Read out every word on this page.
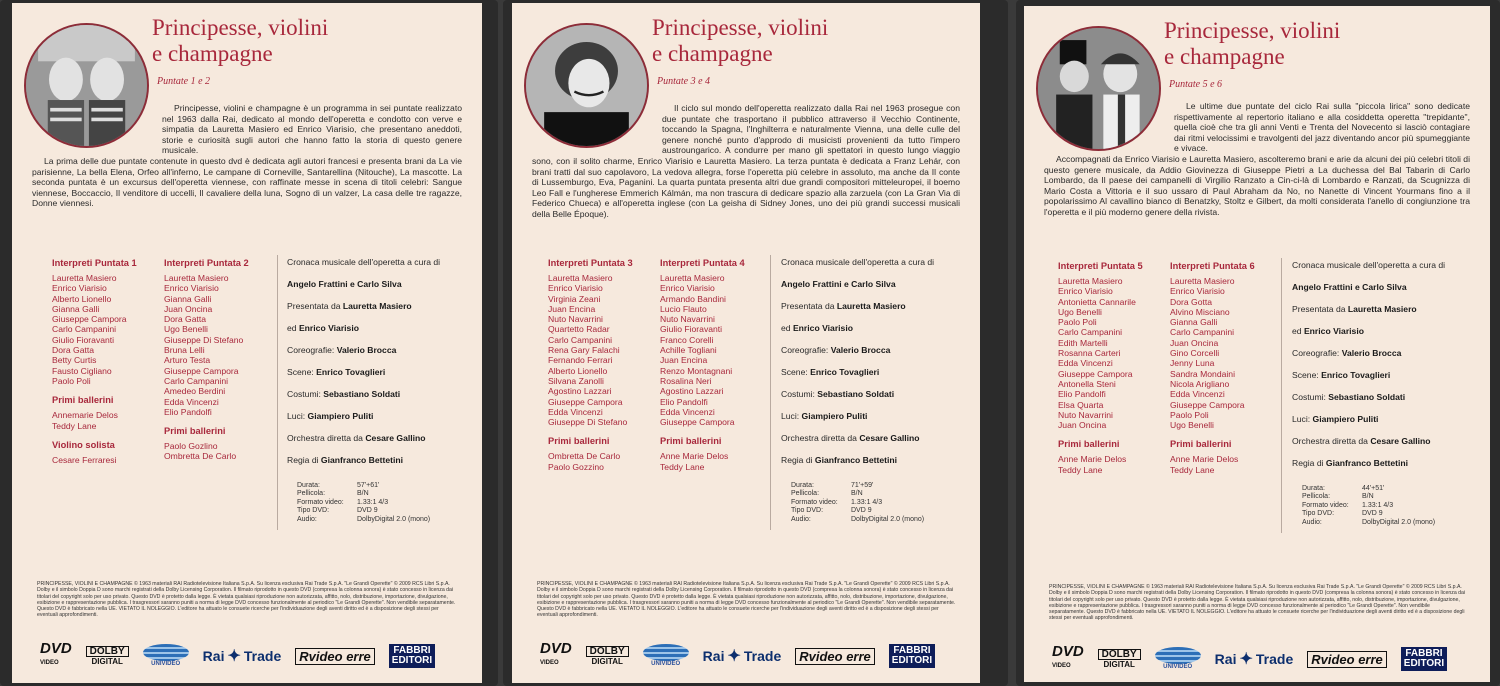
Principesse, violini
e champagne
Puntate 1 e 2

Principesse, violini e champagne è un programma in sei puntate realizzato nel 1963 dalla Rai, dedicato al mondo dell'operetta e condotto con verve e simpatia da Lauretta Masiero ed Enrico Viarisio, che presentano aneddoti, storie e curiosità sugli autori che hanno fatto la storia di questo genere musicale.

La prima delle due puntate contenute in questo dvd è dedicata agli autori francesi e presenta brani da La vie parisienne, La bella Elena, Orfeo all'inferno, Le campane di Corneville, Santarellina (Nitouche), La mascotte. La seconda puntata è un excursus dell'operetta viennese, con raffinate messe in scena di titoli celebri: Sangue viennese, Boccaccio, Il venditore di uccelli, Il cavaliere della luna, Sogno di un valzer, La casa delle tre ragazze, Donne viennesi.

Interpreti Puntata 1
Lauretta Masiero
Enrico Viarisio
Alberto Lionello
Gianna Galli
Giuseppe Campora
Carlo Campanini
Giulio Fioravanti
Dora Gatta
Betty Curtis
Fausto Cigliano
Paolo Poli
Primi ballerini
Annemarie Delos
Teddy Lane
Violino solista
Cesare Ferraresi
Interpreti Puntata 2
Lauretta Masiero
Enrico Viarisio
Gianna Galli
Juan Oncina
Dora Gatta
Ugo Benelli
Giuseppe Di Stefano
Bruna Lelli
Arturo Testa
Giuseppe Campora
Carlo Campanini
Amedeo Berdini
Edda Vincenzi
Elio Pandolfi
Primi ballerini
Paolo Gozlino
Ombretta De Carlo
Cronaca musicale dell'operetta a cura di
Angelo Frattini e Carlo Silva
Presentata da Lauretta Masiero
ed Enrico Viarisio
Coreografie: Valerio Brocca
Scene: Enrico Tovaglieri
Costumi: Sebastiano Soldati
Luci: Giampiero Puliti
Orchestra diretta da Cesare Gallino
Regia di Gianfranco Bettetini
Durata:	57'+61'
Pellicola:	B/N
Formato video:	1.33:1 4/3
Tipo DVD:	DVD 9
Audio:	DolbyDigital 2.0 (mono)
PRINCIPESSE, VIOLINI E CHAMPAGNE © 1963 materiali RAI Radiotelevisione Italiana S.p.A. Su licenza esclusiva Rai Trade S.p.A. "Le Grandi Operette" © 2009 RCS Libri S.p.A. Dolby e il simbolo Doppia D sono marchi registrati della Dolby Licensing Corporation. Il filmato riprodotto in questo DVD (compresa la colonna sonora) è stato concesso in licenza dai titolari del copyright solo per uso privato. Questo DVD è protetto dalla legge. È vietata qualsiasi riproduzione non autorizzata, affitto, nolo, distribuzione, importazione, divulgazione, esibizione e rappresentazione pubblica. I trasgressori saranno puniti a norma di legge DVD concesso funzionalmente al periodico "Le Grandi Operette". Non vendibile separatamente. Questo DVD è fabbricato nella UE. VIETATO IL NOLEGGIO. L'editore ha attuato le consuete ricerche per l'individuazione degli aventi diritto ed è a disposizione degli stessi per eventuali approfondimenti.
DVD
VIDEO
DOLBY
DIGITAL	UNIVIDEO	Rai ✦ Trade	Rvideo erre	FABBRI
EDITORI
Principesse, violini
e champagne
Puntate 3 e 4

Il ciclo sul mondo dell'operetta realizzato dalla Rai nel 1963 prosegue con due puntate che trasportano il pubblico attraverso il Vecchio Continente, toccando la Spagna, l'Inghilterra e naturalmente Vienna, una delle culle del genere nonché punto d'approdo di musicisti provenienti da tutto l'impero austroungarico. A condurre per mano gli spettatori in questo lungo viaggio sono, con il solito charme, Enrico Viarisio e Lauretta Masiero. La terza puntata è dedicata a Franz Lehár, con brani tratti dal suo capolavoro, La vedova allegra, forse l'operetta più celebre in assoluto, ma anche da Il conte di Lussemburgo, Eva, Paganini. La quarta puntata presenta altri due grandi compositori mitteleuropei, il boemo Leo Fall e l'ungherese Emmerich Kálmán, ma non trascura di dedicare spazio alla zarzuela (con La Gran Via di Federico Chueca) e all'operetta inglese (con La geisha di Sidney Jones, uno dei più grandi successi musicali della Belle Époque).

Interpreti Puntata 3
Lauretta Masiero
Enrico Viarisio
Virginia Zeani
Juan Encina
Nuto Navarrini
Quartetto Radar
Carlo Campanini
Rena Gary Falachi
Fernando Ferrari
Alberto Lionello
Silvana Zanolli
Agostino Lazzari
Giuseppe Campora
Edda Vincenzi
Giuseppe Di Stefano
Primi ballerini
Ombretta De Carlo
Paolo Gozzino
Interpreti Puntata 4
Lauretta Masiero
Enrico Viarisio
Armando Bandini
Lucio Flauto
Nuto Navarrini
Giulio Fioravanti
Franco Corelli
Achille Togliani
Juan Encina
Renzo Montagnani
Rosalina Neri
Agostino Lazzari
Elio Pandolfi
Edda Vincenzi
Giuseppe Campora
Primi ballerini
Anne Marie Delos
Teddy Lane
Cronaca musicale dell'operetta a cura di
Angelo Frattini e Carlo Silva
Presentata da Lauretta Masiero
ed Enrico Viarisio
Coreografie: Valerio Brocca
Scene: Enrico Tovaglieri
Costumi: Sebastiano Soldati
Luci: Giampiero Puliti
Orchestra diretta da Cesare Gallino
Regia di Gianfranco Bettetini
Durata:	71'+59'
Pellicola:	B/N
Formato video:	1.33:1 4/3
Tipo DVD:	DVD 9
Audio:	DolbyDigital 2.0 (mono)
PRINCIPESSE, VIOLINI E CHAMPAGNE © 1963 materiali RAI Radiotelevisione Italiana S.p.A. Su licenza esclusiva Rai Trade S.p.A. "Le Grandi Operette" © 2009 RCS Libri S.p.A. Dolby e il simbolo Doppia D sono marchi registrati della Dolby Licensing Corporation. Il filmato riprodotto in questo DVD (compresa la colonna sonora) è stato concesso in licenza dai titolari del copyright solo per uso privato. Questo DVD è protetto dalla legge. È vietata qualsiasi riproduzione non autorizzata, affitto, nolo, distribuzione, importazione, divulgazione, esibizione e rappresentazione pubblica. I trasgressori saranno puniti a norma di legge DVD concesso funzionalmente al periodico "Le Grandi Operette". Non vendibile separatamente. Questo DVD è fabbricato nella UE. VIETATO IL NOLEGGIO. L'editore ha attuato le consuete ricerche per l'individuazione degli aventi diritto ed è a disposizione degli stessi per eventuali approfondimenti.
DVD
VIDEO
DOLBY
DIGITAL	UNIVIDEO	Rai ✦ Trade	Rvideo erre	FABBRI
EDITORI
Principesse, violini
e champagne
Puntate 5 e 6

Le ultime due puntate del ciclo Rai sulla "piccola lirica" sono dedicate rispettivamente al repertorio italiano e alla cosiddetta operetta "trepidante", quella cioè che tra gli anni Venti e Trenta del Novecento si lasciò contagiare dai ritmi velocissimi e travolgenti del jazz diventando ancor più spumeggiante e vivace.

Accompagnati da Enrico Viarisio e Lauretta Masiero, ascolteremo brani e arie da alcuni dei più celebri titoli di questo genere musicale, da Addio Giovinezza di Giuseppe Pietri a La duchessa del Bal Tabarin di Carlo Lombardo, da Il paese dei campanelli di Virgilio Ranzato a Cin-ci-là di Lombardo e Ranzati, da Scugnizza di Mario Costa a Vittoria e il suo ussaro di Paul Abraham da No, no Nanette di Vincent Yourmans fino a il popolarissimo Al cavallino bianco di Benatzky, Stoltz e Gilbert, da molti considerata l'anello di congiunzione tra l'operetta e il più moderno genere della rivista.

Interpreti Puntata 5
Lauretta Masiero
Enrico Viarisio
Antonietta Cannarile
Ugo Benelli
Paolo Poli
Carlo Campanini
Edith Martelli
Rosanna Carteri
Edda Vincenzi
Giuseppe Campora
Antonella Steni
Elio Pandolfi
Elsa Quarta
Nuto Navarrini
Juan Oncina
Primi ballerini
Anne Marie Delos
Teddy Lane
Interpreti Puntata 6
Lauretta Masiero
Enrico Viarisio
Dora Gotta
Alvino Misciano
Gianna Galli
Carlo Campanini
Juan Oncina
Gino Corcelli
Jenny Luna
Sandra Mondaini
Nicola Arigliano
Edda Vincenzi
Giuseppe Campora
Paolo Poli
Ugo Benelli
Primi ballerini
Anne Marie Delos
Teddy Lane
Cronaca musicale dell'operetta a cura di
Angelo Frattini e Carlo Silva
Presentata da Lauretta Masiero
ed Enrico Viarisio
Coreografie: Valerio Brocca
Scene: Enrico Tovaglieri
Costumi: Sebastiano Soldati
Luci: Giampiero Puliti
Orchestra diretta da Cesare Gallino
Regia di Gianfranco Bettetini
Durata:	44'+51'
Pellicola:	B/N
Formato video:	1.33:1 4/3
Tipo DVD:	DVD 9
Audio:	DolbyDigital 2.0 (mono)
PRINCIPESSE, VIOLINI E CHAMPAGNE © 1963 materiali RAI Radiotelevisione Italiana S.p.A. Su licenza esclusiva Rai Trade S.p.A. "Le Grandi Operette" © 2009 RCS Libri S.p.A. Dolby e il simbolo Doppia D sono marchi registrati della Dolby Licensing Corporation. Il filmato riprodotto in questo DVD (compresa la colonna sonora) è stato concesso in licenza dai titolari del copyright solo per uso privato. Questo DVD è protetto dalla legge. È vietata qualsiasi riproduzione non autorizzata, affitto, nolo, distribuzione, importazione, divulgazione, esibizione e rappresentazione pubblica. I trasgressori saranno puniti a norma di legge DVD concesso funzionalmente al periodico "Le Grandi Operette". Non vendibile separatamente. Questo DVD è fabbricato nella UE. VIETATO IL NOLEGGIO. L'editore ha attuato le consuete ricerche per l'individuazione degli aventi diritto ed è a disposizione degli stessi per eventuali approfondimenti.
DVD
VIDEO
DOLBY
DIGITAL	UNIVIDEO	Rai ✦ Trade	Rvideo erre	FABBRI
EDITORI
